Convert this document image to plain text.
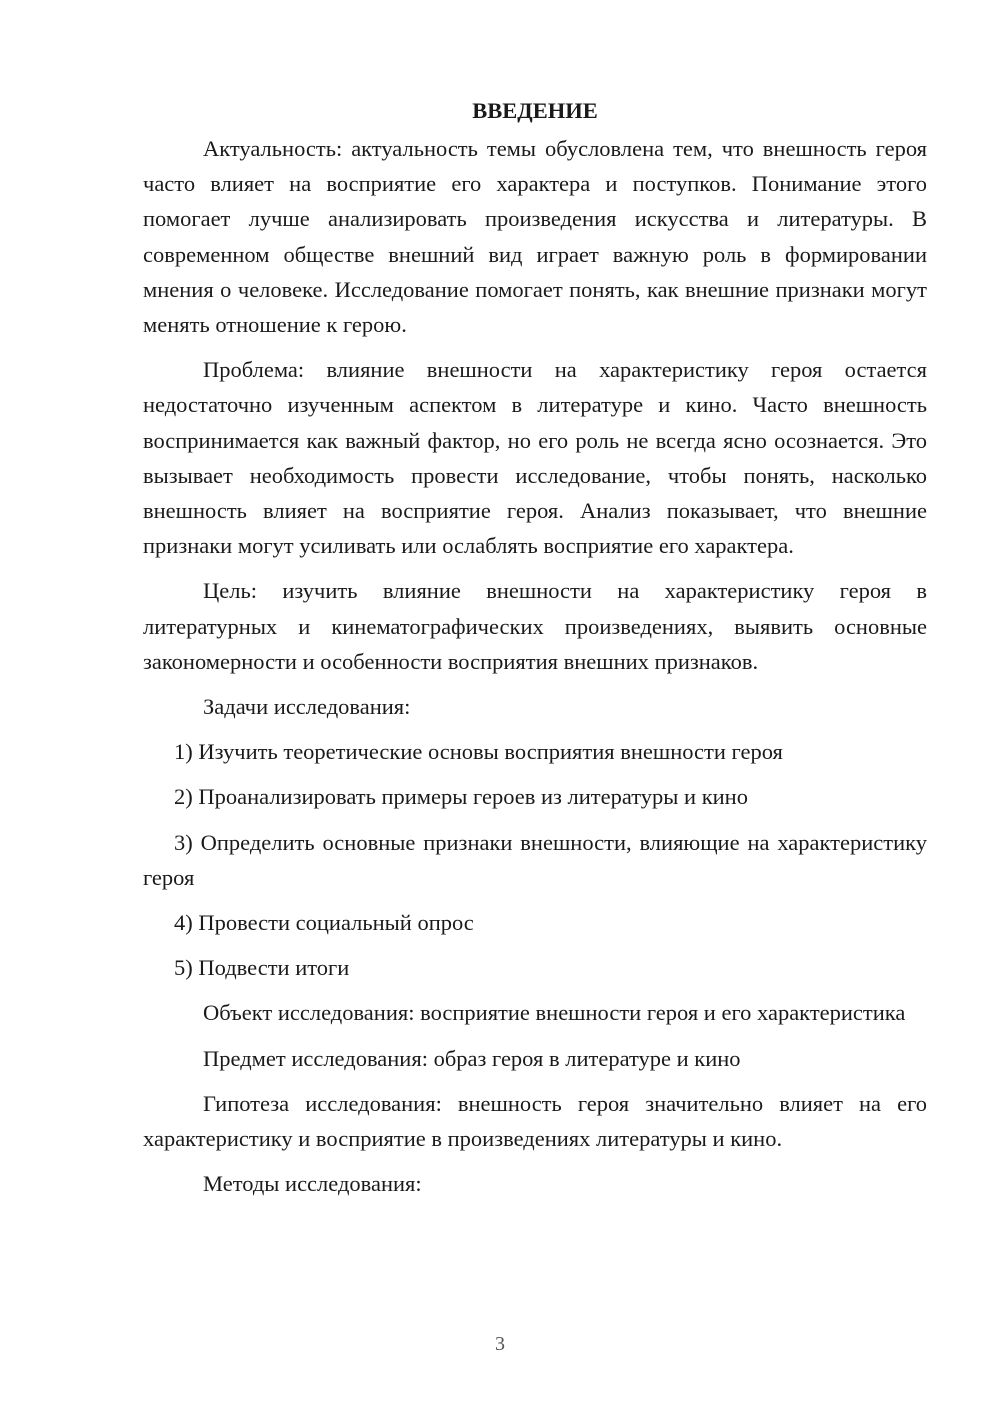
ВВЕДЕНИЕ

Актуальность: актуальность темы обусловлена тем, что внешность героя часто влияет на восприятие его характера и поступков. Понимание этого помогает лучше анализировать произведения искусства и литературы. В современном обществе внешний вид играет важную роль в формировании мнения о человеке. Исследование помогает понять, как внешние признаки могут менять отношение к герою.

Проблема: влияние внешности на характеристику героя остается недостаточно изученным аспектом в литературе и кино. Часто внешность воспринимается как важный фактор, но его роль не всегда ясно осознается. Это вызывает необходимость провести исследование, чтобы понять, насколько внешность влияет на восприятие героя. Анализ показывает, что внешние признаки могут усиливать или ослаблять восприятие его характера.

Цель: изучить влияние внешности на характеристику героя в литературных и кинематографических произведениях, выявить основные закономерности и особенности восприятия внешних признаков.

Задачи исследования:

1) Изучить теоретические основы восприятия внешности героя

2) Проанализировать примеры героев из литературы и кино

3) Определить основные признаки внешности, влияющие на характеристику героя

4) Провести социальный опрос

5) Подвести итоги

Объект исследования: восприятие внешности героя и его характеристика

Предмет исследования: образ героя в литературе и кино

Гипотеза исследования: внешность героя значительно влияет на его характеристику и восприятие в произведениях литературы и кино.

Методы исследования:

3
